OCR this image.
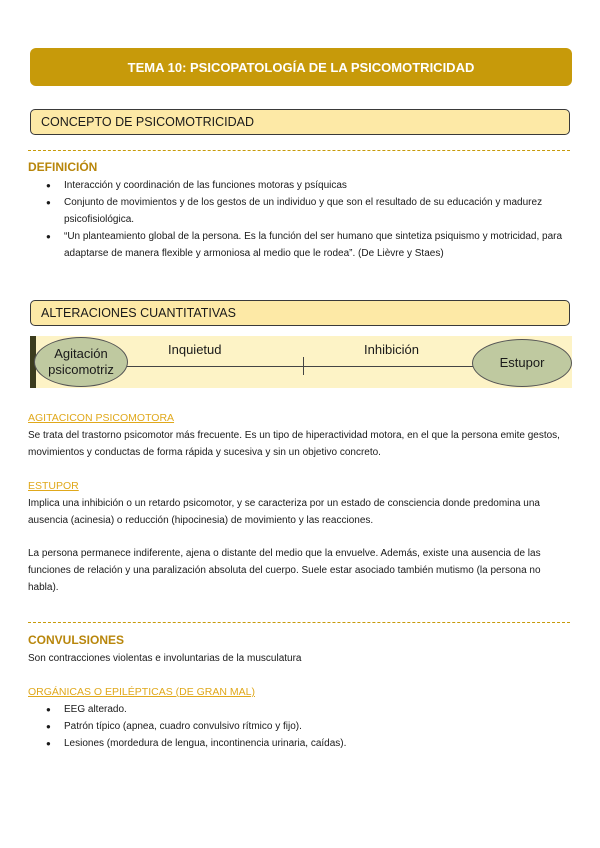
TEMA 10: PSICOPATOLOGÍA DE LA PSICOMOTRICIDAD
CONCEPTO DE PSICOMOTRICIDAD
DEFINICIÓN
● Interacción y coordinación de las funciones motoras y psíquicas
● Conjunto de movimientos y de los gestos de un individuo y que son el resultado de su educación y madurez psicofisiológica.
● “Un planteamiento global de la persona. Es la función del ser humano que sintetiza psiquismo y motricidad, para adaptarse de manera flexible y armoniosa al medio que le rodea”. (De Lièvre y Staes)
ALTERACIONES CUANTITATIVAS
Agitación psicomotriz
Inquietud	Inhibición
Estupor
AGITACICON PSICOMOTORA
Se trata del trastorno psicomotor más frecuente. Es un tipo de hiperactividad motora, en el que la persona emite gestos, movimientos y conductas de forma rápida y sucesiva y sin un objetivo concreto.
ESTUPOR
Implica una inhibición o un retardo psicomotor, y se caracteriza por un estado de consciencia donde predomina una ausencia (acinesia) o reducción (hipocinesia) de movimiento y las reacciones.
La persona permanece indiferente, ajena o distante del medio que la envuelve. Además, existe una ausencia de las funciones de relación y una paralización absoluta del cuerpo. Suele estar asociado también mutismo (la persona no habla).
CONVULSIONES
Son contracciones violentas e involuntarias de la musculatura
ORGÁNICAS O EPILÉPTICAS (DE GRAN MAL)
● EEG alterado.
● Patrón típico (apnea, cuadro convulsivo rítmico y fijo).
● Lesiones (mordedura de lengua, incontinencia urinaria, caídas).
